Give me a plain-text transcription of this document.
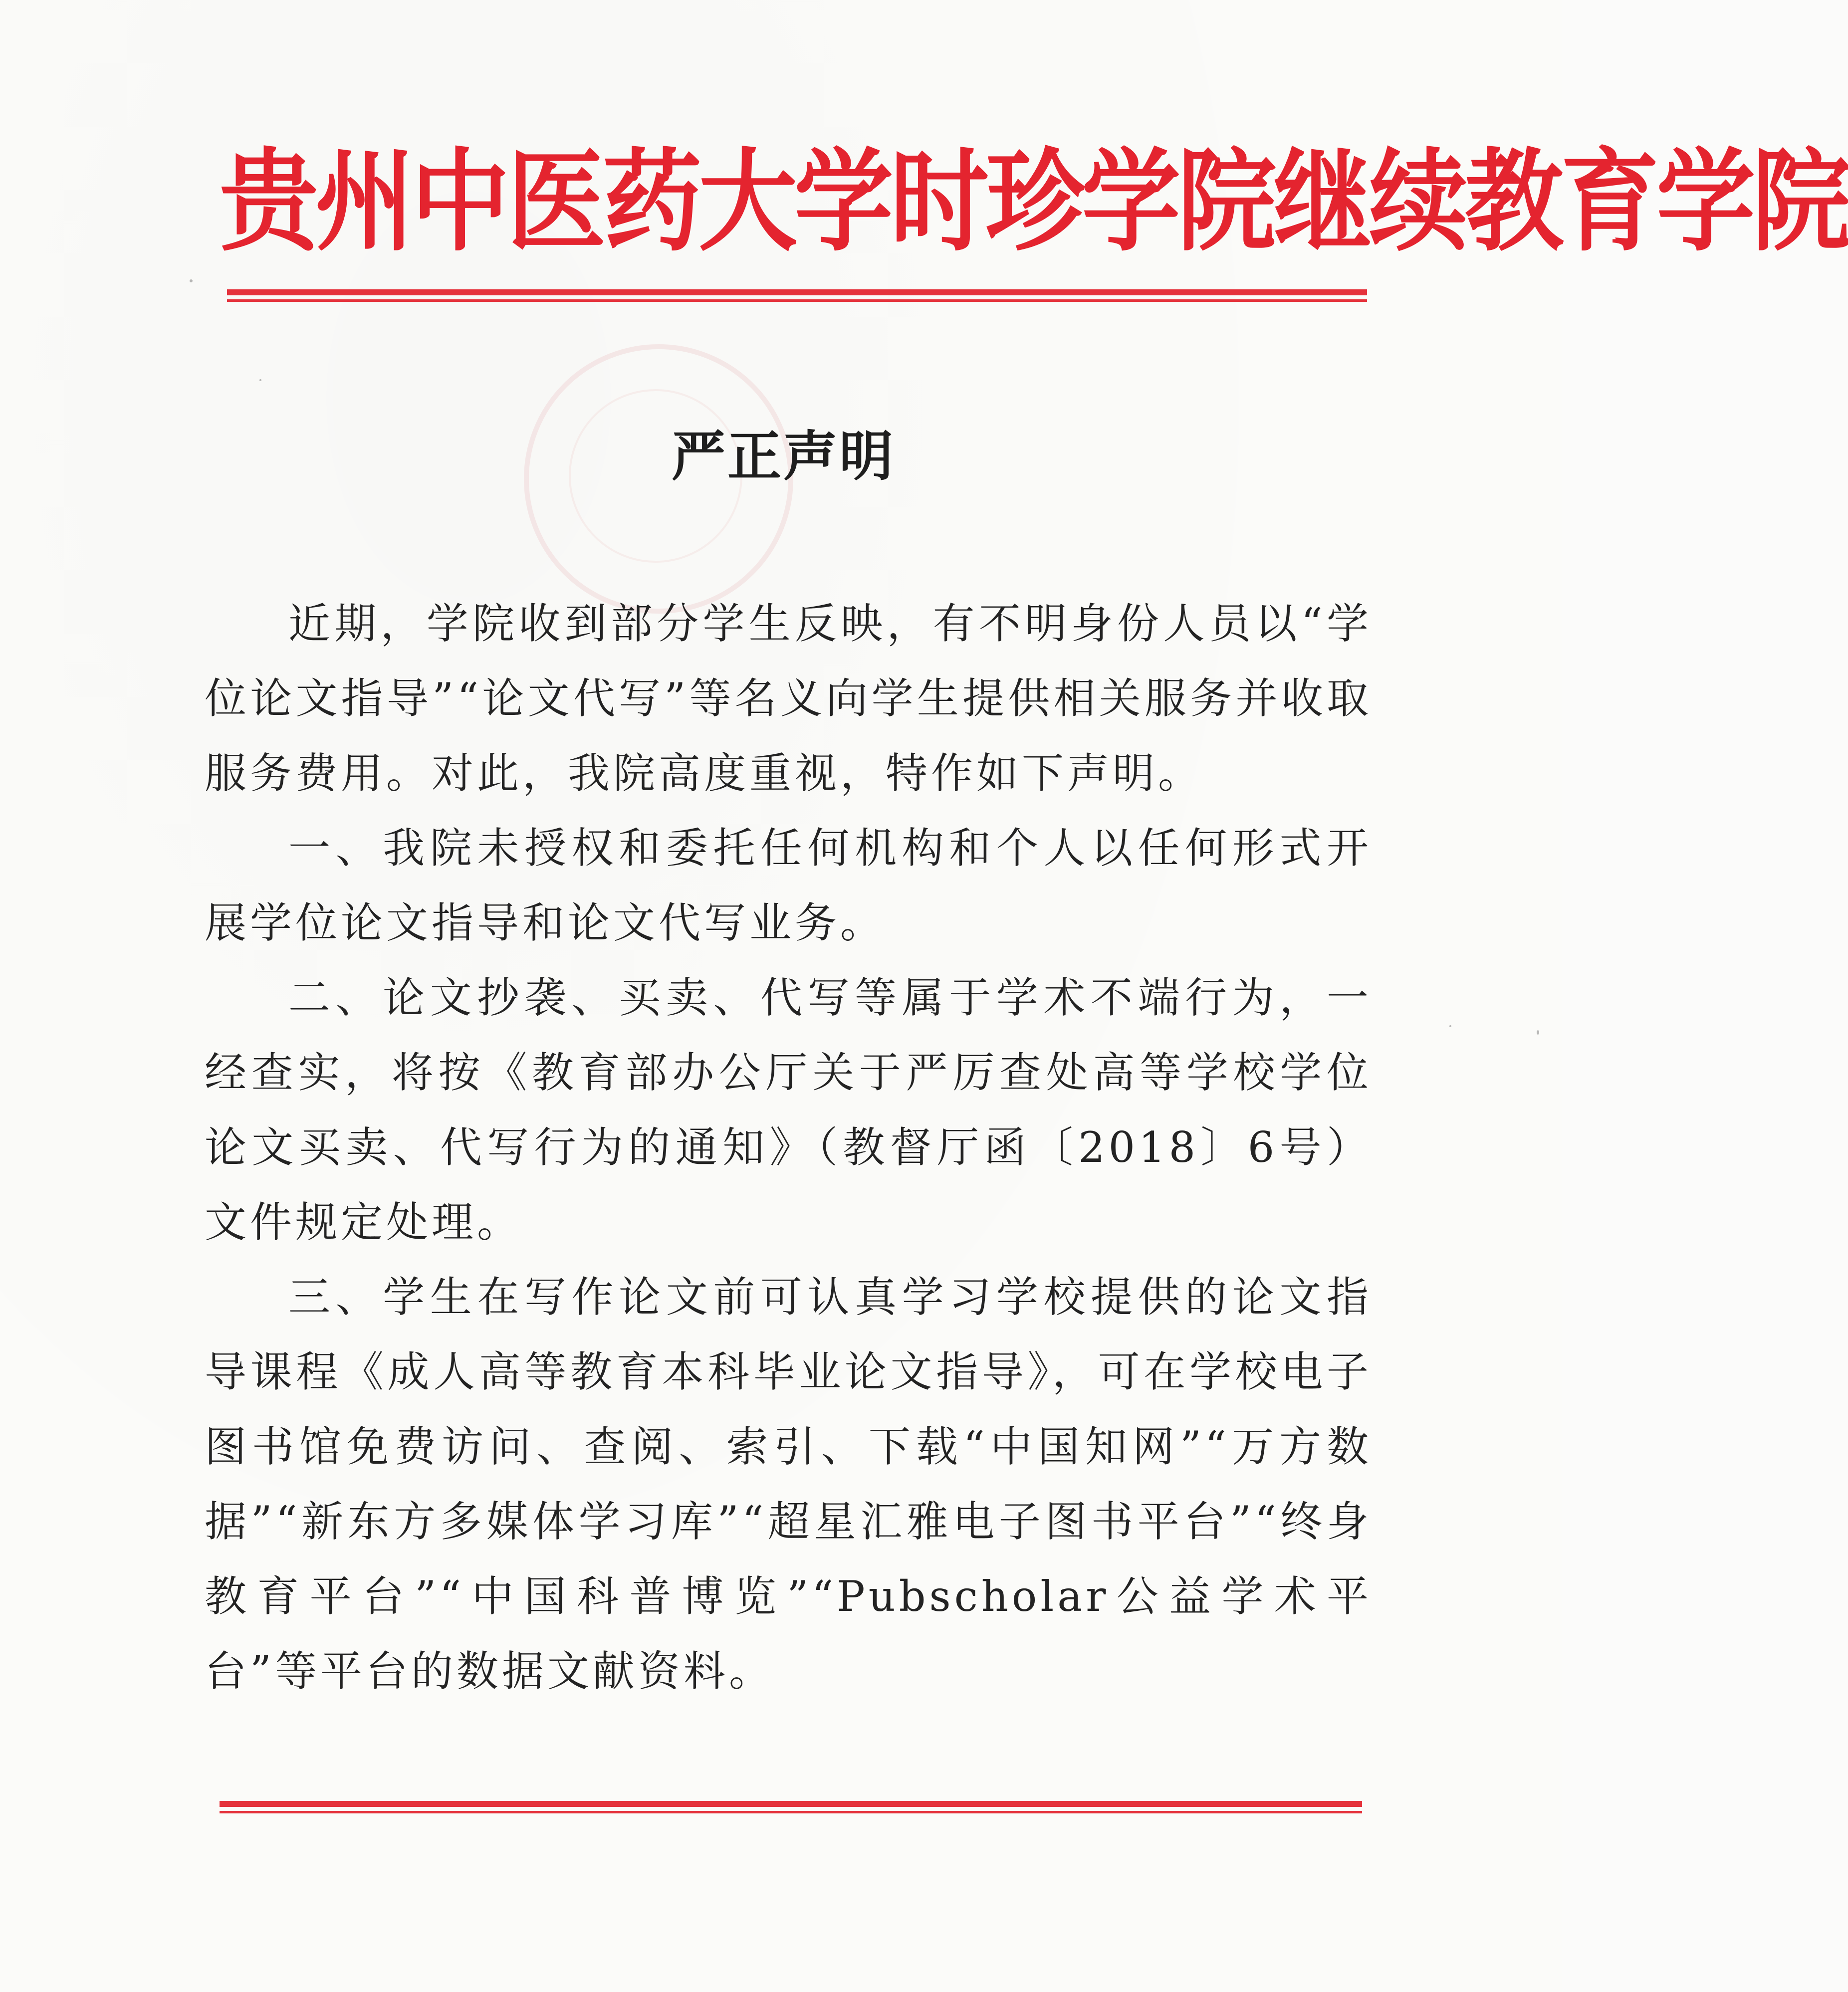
贵州中医药大学时珍学院继续教育学院
严正声明

近期，学院收到部分学生反映，有不明身份人员以“学位论文指导”“论文代写”等名义向学生提供相关服务并收取服务费用。对此，我院高度重视，特作如下声明。

一、我院未授权和委托任何机构和个人以任何形式开展学位论文指导和论文代写业务。

二、论文抄袭、买卖、代写等属于学术不端行为，一经查实，将按《教育部办公厅关于严厉查处高等学校学位论文买卖、代写行为的通知》（教督厅函〔2018〕6号）文件规定处理。

三、学生在写作论文前可认真学习学校提供的论文指导课程《成人高等教育本科毕业论文指导》，可在学校电子图书馆免费访问、查阅、索引、下载“中国知网”“万方数据”“新东方多媒体学习库”“超星汇雅电子图书平台”“终身教育平台”“中国科普博览”“Pubscholar公益学术平台”等平台的数据文献资料。
